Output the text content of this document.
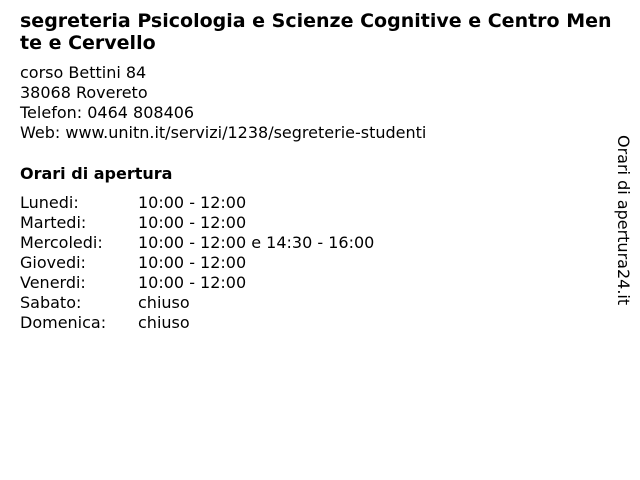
segreteria Psicologia e Scienze Cognitive e Centro Mente e Cervello
corso Bettini 84
38068 Rovereto
Telefon: 0464 808406
Web: www.unitn.it/servizi/1238/segreterie-studenti
Orari di apertura
Lunedi:	10:00 - 12:00
Martedi:	10:00 - 12:00
Mercoledi:	10:00 - 12:00 e 14:30 - 16:00
Giovedi:	10:00 - 12:00
Venerdi:	10:00 - 12:00
Sabato:	chiuso
Domenica:	chiuso
Orari di apertura24.it
